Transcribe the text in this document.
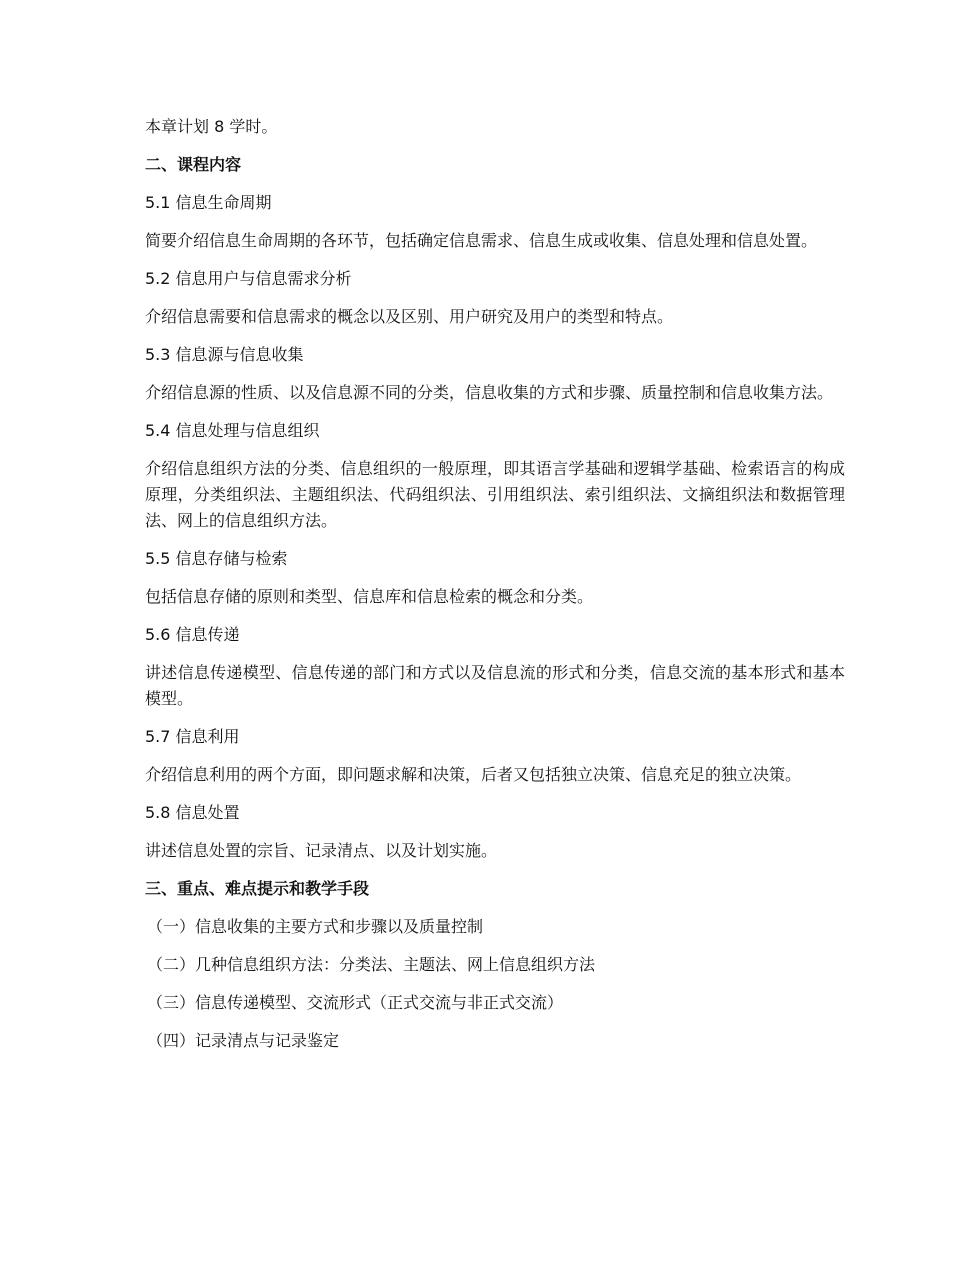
本章计划 8 学时。

二、课程内容

5.1 信息生命周期

简要介绍信息生命周期的各环节，包括确定信息需求、信息生成或收集、信息处理和信息处置。

5.2 信息用户与信息需求分析

介绍信息需要和信息需求的概念以及区别、用户研究及用户的类型和特点。

5.3 信息源与信息收集

介绍信息源的性质、以及信息源不同的分类，信息收集的方式和步骤、质量控制和信息收集方法。

5.4 信息处理与信息组织

介绍信息组织方法的分类、信息组织的一般原理，即其语言学基础和逻辑学基础、检索语言的构成原理，分类组织法、主题组织法、代码组织法、引用组织法、索引组织法、文摘组织法和数据管理法、网上的信息组织方法。

5.5 信息存储与检索

包括信息存储的原则和类型、信息库和信息检索的概念和分类。

5.6 信息传递

讲述信息传递模型、信息传递的部门和方式以及信息流的形式和分类，信息交流的基本形式和基本模型。

5.7 信息利用

介绍信息利用的两个方面，即问题求解和决策，后者又包括独立决策、信息充足的独立决策。

5.8 信息处置

讲述信息处置的宗旨、记录清点、以及计划实施。

三、重点、难点提示和教学手段

（一）信息收集的主要方式和步骤以及质量控制

（二）几种信息组织方法：分类法、主题法、网上信息组织方法

（三）信息传递模型、交流形式（正式交流与非正式交流）

（四）记录清点与记录鉴定
